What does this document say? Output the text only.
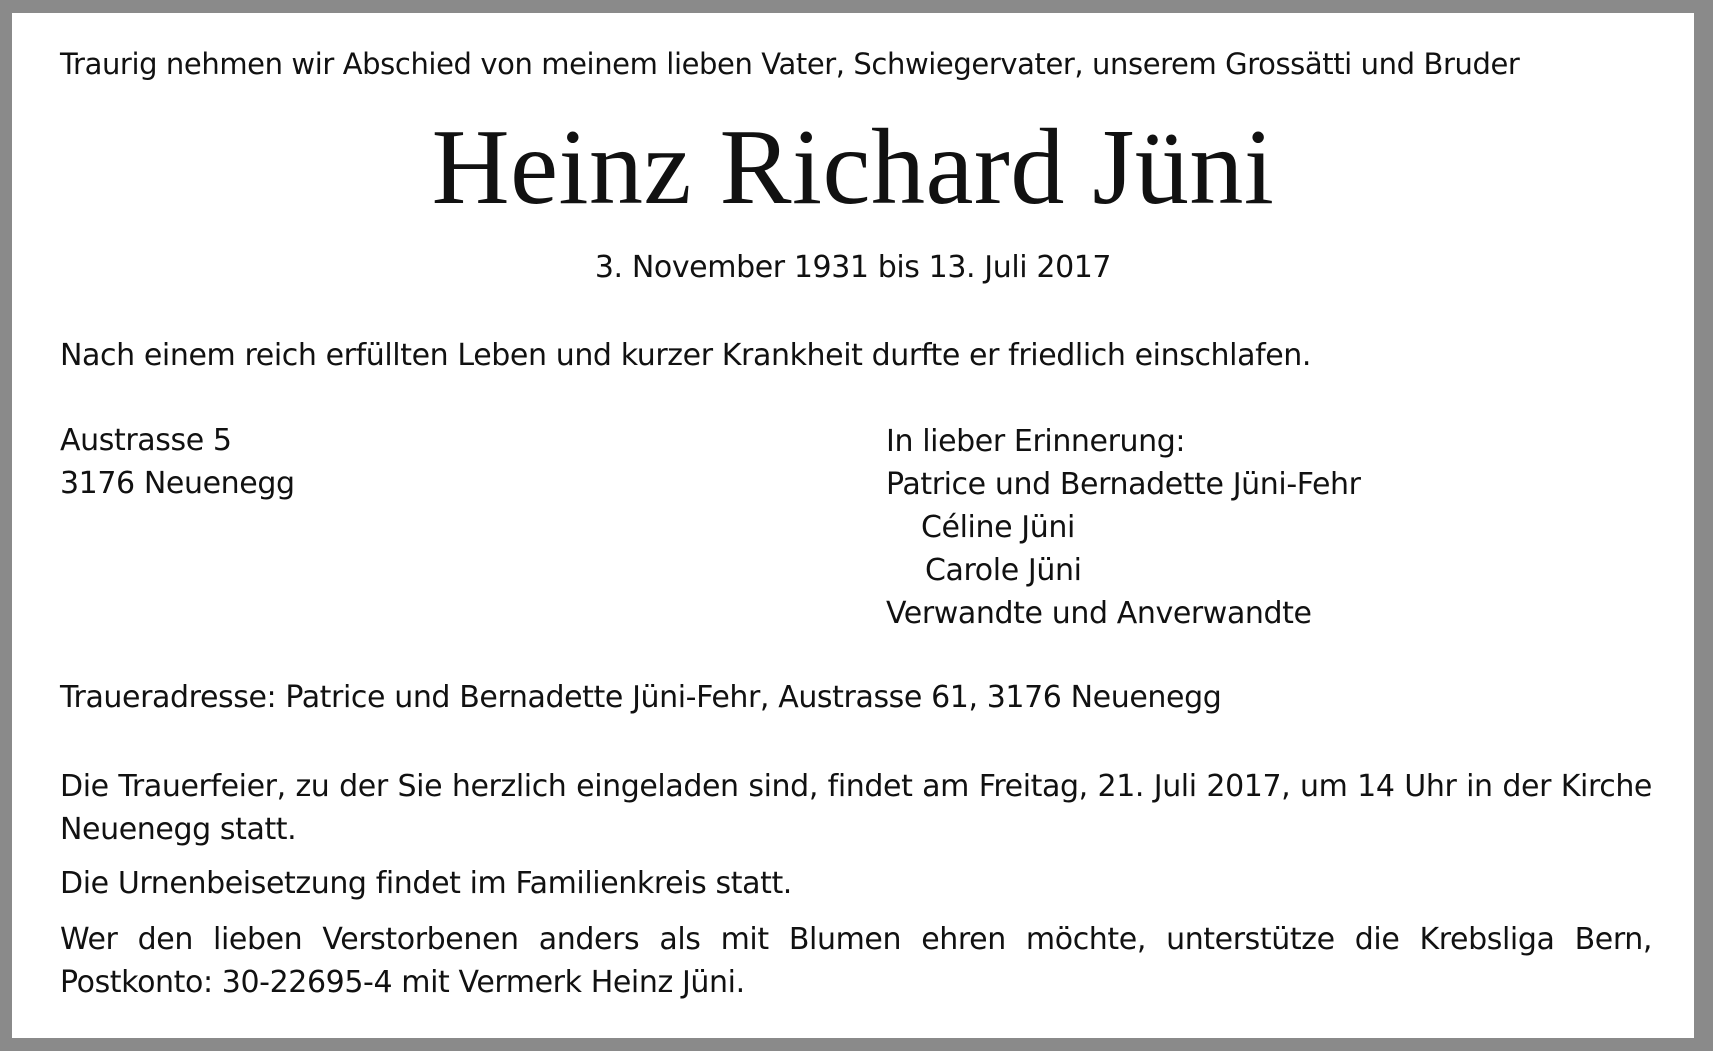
Traurig nehmen wir Abschied von meinem lieben Vater, Schwiegervater, unserem Grossätti und Bruder
Heinz Richard Jüni
3. November 1931 bis 13. Juli 2017
Nach einem reich erfüllten Leben und kurzer Krankheit durfte er friedlich einschlafen.
Austrasse 5
3176 Neuenegg
In lieber Erinnerung:
Patrice und Bernadette Jüni-Fehr
Céline Jüni
Carole Jüni
Verwandte und Anverwandte
Traueradresse: Patrice und Bernadette Jüni-Fehr, Austrasse 61, 3176 Neuenegg
Die Trauerfeier, zu der Sie herzlich eingeladen sind, findet am Freitag, 21. Juli 2017, um 14 Uhr in der Kirche Neuenegg statt.
Die Urnenbeisetzung findet im Familienkreis statt.
Wer den lieben Verstorbenen anders als mit Blumen ehren möchte, unterstütze die Krebsliga Bern, Postkonto: 30-22695-4 mit Vermerk Heinz Jüni.
